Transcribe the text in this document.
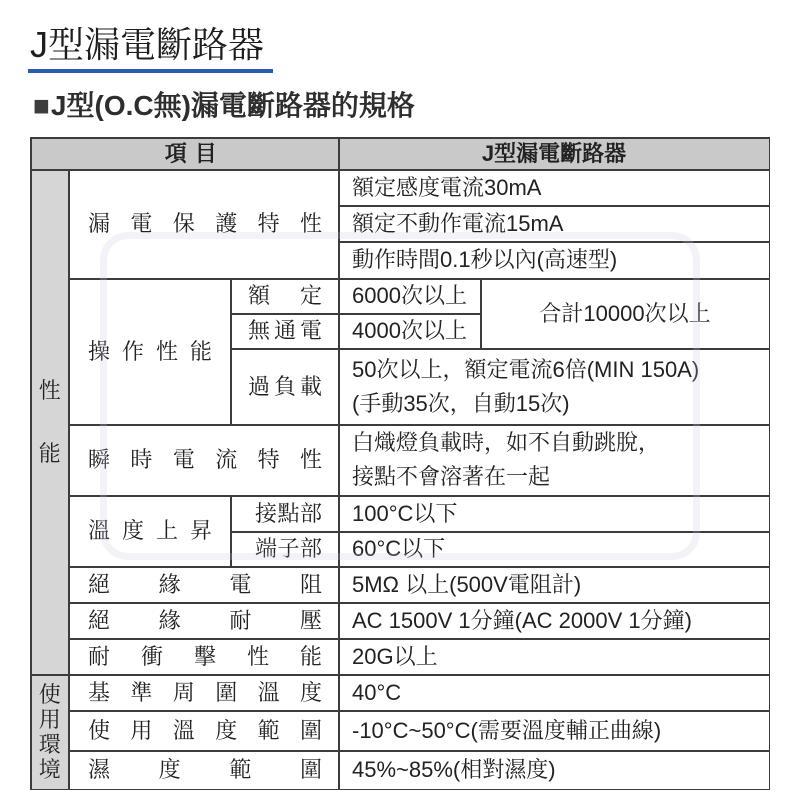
J型漏電斷路器
■J型(O.C無)漏電斷路器的規格
項目	J型漏電斷路器
性能
漏電保護特性
額定感度電流30mA
額定不動作電流15mA
動作時間0.1秒以內(高速型)
操作性能
額定 6000次以上
合計10000次以上
無通電 4000次以上
過負載
50次以上，額定電流6倍(MIN 150A)
(手動35次，自動15次)
瞬時電流特性
白熾燈負載時，如不自動跳脫，
接點不會溶著在一起
溫度上昇
接點部 100°C以下
端子部 60°C以下
絕緣電阻 5MΩ 以上(500V電阻計)
絕緣耐壓 AC 1500V 1分鐘(AC 2000V 1分鐘)
耐衝擊性能 20G以上
使用環境
基準周圍溫度 40°C
使用溫度範圍 -10°C~50°C(需要溫度輔正曲線)
濕度範圍 45%~85%(相對濕度)
